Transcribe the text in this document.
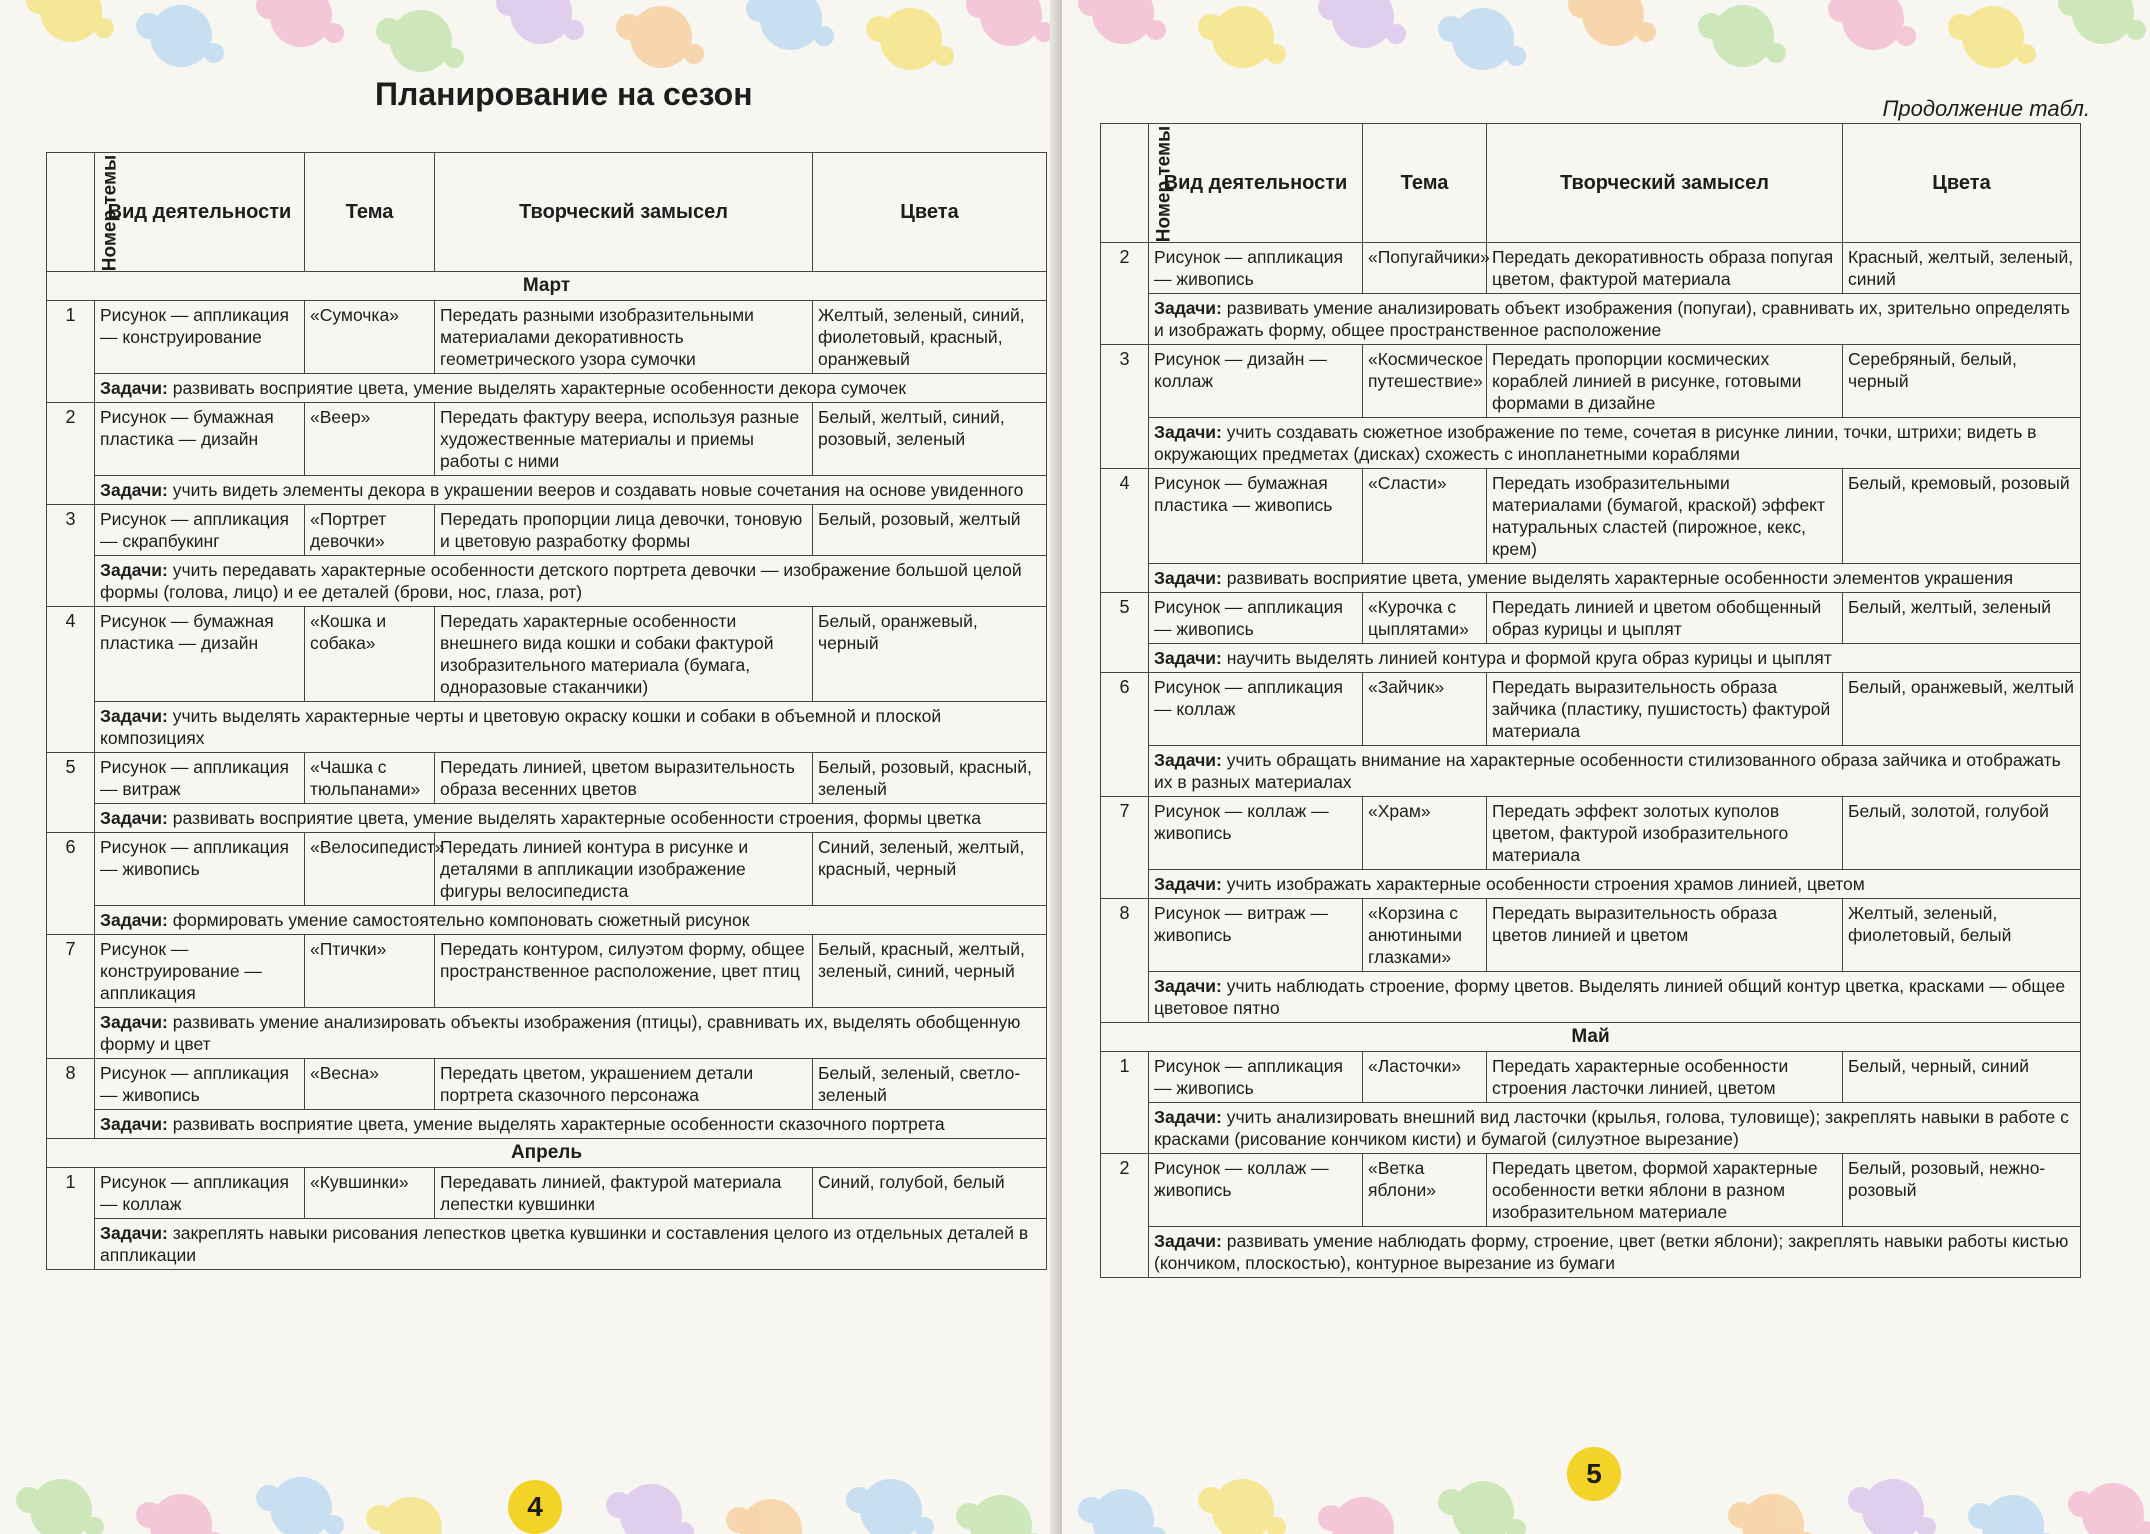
Планирование на сезон
Номер темы	Вид деятельности	Тема	Творческий замысел	Цвета
Март				
1	Рисунок — аппликация — конструирование	«Сумочка»	Передать разными изобразительными материалами декоративность геометрического узора сумочки	Желтый, зеленый, синий, фиолетовый, красный, оранжевый
	Задачи: развивать восприятие цвета, умение выделять характерные особенности декора сумочек			
2	Рисунок — бумажная пластика — дизайн	«Веер»	Передать фактуру веера, используя разные художественные материалы и приемы работы с ними	Белый, желтый, синий, розовый, зеленый
	Задачи: учить видеть элементы декора в украшении вееров и создавать новые сочетания на основе увиденного			
3	Рисунок — аппликация — скрапбукинг	«Портрет девочки»	Передать пропорции лица девочки, тоновую и цветовую разработку формы	Белый, розовый, желтый
	Задачи: учить передавать характерные особенности детского портрета девочки — изображение большой целой формы (голова, лицо) и ее деталей (брови, нос, глаза, рот)			
4	Рисунок — бумажная пластика — дизайн	«Кошка и собака»	Передать характерные особенности внешнего вида кошки и собаки фактурой изобразительного материала (бумага, одноразовые стаканчики)	Белый, оранжевый, черный
	Задачи: учить выделять характерные черты и цветовую окраску кошки и собаки в объемной и плоской композициях			
5	Рисунок — аппликация — витраж	«Чашка с тюльпанами»	Передать линией, цветом выразительность образа весенних цветов	Белый, розовый, красный, зеленый
	Задачи: развивать восприятие цвета, умение выделять характерные особенности строения, формы цветка			
6	Рисунок — аппликация — живопись	«Велосипедист»	Передать линией контура в рисунке и деталями в аппликации изображение фигуры велосипедиста	Синий, зеленый, желтый, красный, черный
	Задачи: формировать умение самостоятельно компоновать сюжетный рисунок			
7	Рисунок — конструирование — аппликация	«Птички»	Передать контуром, силуэтом форму, общее пространственное расположение, цвет птиц	Белый, красный, желтый, зеленый, синий, черный
	Задачи: развивать умение анализировать объекты изображения (птицы), сравнивать их, выделять обобщенную форму и цвет			
8	Рисунок — аппликация — живопись	«Весна»	Передать цветом, украшением детали портрета сказочного персонажа	Белый, зеленый, светло-зеленый
	Задачи: развивать восприятие цвета, умение выделять характерные особенности сказочного портрета			
Апрель				
1	Рисунок — аппликация — коллаж	«Кувшинки»	Передавать линией, фактурой материала лепестки кувшинки	Синий, голубой, белый
	Задачи: закреплять навыки рисования лепестков цветка кувшинки и составления целого из отдельных деталей в аппликации			
4
Продолжение табл.
5
Номер темы	Вид деятельности	Тема	Творческий замысел	Цвета
2	Рисунок — аппликация — живопись	«Попугайчики»	Передать декоративность образа попугая цветом, фактурой материала	Красный, желтый, зеленый, синий
	Задачи: развивать умение анализировать объект изображения (попугаи), сравнивать их, зрительно определять и изображать форму, общее пространственное расположение			
3	Рисунок — дизайн — коллаж	«Космическое путешествие»	Передать пропорции космических кораблей линией в рисунке, готовыми формами в дизайне	Серебряный, белый, черный
	Задачи: учить создавать сюжетное изображение по теме, сочетая в рисунке линии, точки, штрихи; видеть в окружающих предметах (дисках) схожесть с инопланетными кораблями			
4	Рисунок — бумажная пластика — живопись	«Сласти»	Передать изобразительными материалами (бумагой, краской) эффект натуральных сластей (пирожное, кекс, крем)	Белый, кремовый, розовый
	Задачи: развивать восприятие цвета, умение выделять характерные особенности элементов украшения			
5	Рисунок — аппликация — живопись	«Курочка с цыплятами»	Передать линией и цветом обобщенный образ курицы и цыплят	Белый, желтый, зеленый
	Задачи: научить выделять линией контура и формой круга образ курицы и цыплят			
6	Рисунок — аппликация — коллаж	«Зайчик»	Передать выразительность образа зайчика (пластику, пушистость) фактурой материала	Белый, оранжевый, желтый
	Задачи: учить обращать внимание на характерные особенности стилизованного образа зайчика и отображать их в разных материалах			
7	Рисунок — коллаж — живопись	«Храм»	Передать эффект золотых куполов цветом, фактурой изобразительного материала	Белый, золотой, голубой
	Задачи: учить изображать характерные особенности строения храмов линией, цветом			
8	Рисунок — витраж — живопись	«Корзина с анютиными глазками»	Передать выразительность образа цветов линией и цветом	Желтый, зеленый, фиолетовый, белый
	Задачи: учить наблюдать строение, форму цветов. Выделять линией общий контур цветка, красками — общее цветовое пятно			
Май				
1	Рисунок — аппликация — живопись	«Ласточки»	Передать характерные особенности строения ласточки линией, цветом	Белый, черный, синий
	Задачи: учить анализировать внешний вид ласточки (крылья, голова, туловище); закреплять навыки в работе с красками (рисование кончиком кисти) и бумагой (силуэтное вырезание)			
2	Рисунок — коллаж — живопись	«Ветка яблони»	Передать цветом, формой характерные особенности ветки яблони в разном изобразительном материале	Белый, розовый, нежно-розовый
	Задачи: развивать умение наблюдать форму, строение, цвет (ветки яблони); закреплять навыки работы кистью (кончиком, плоскостью), контурное вырезание из бумаги			
